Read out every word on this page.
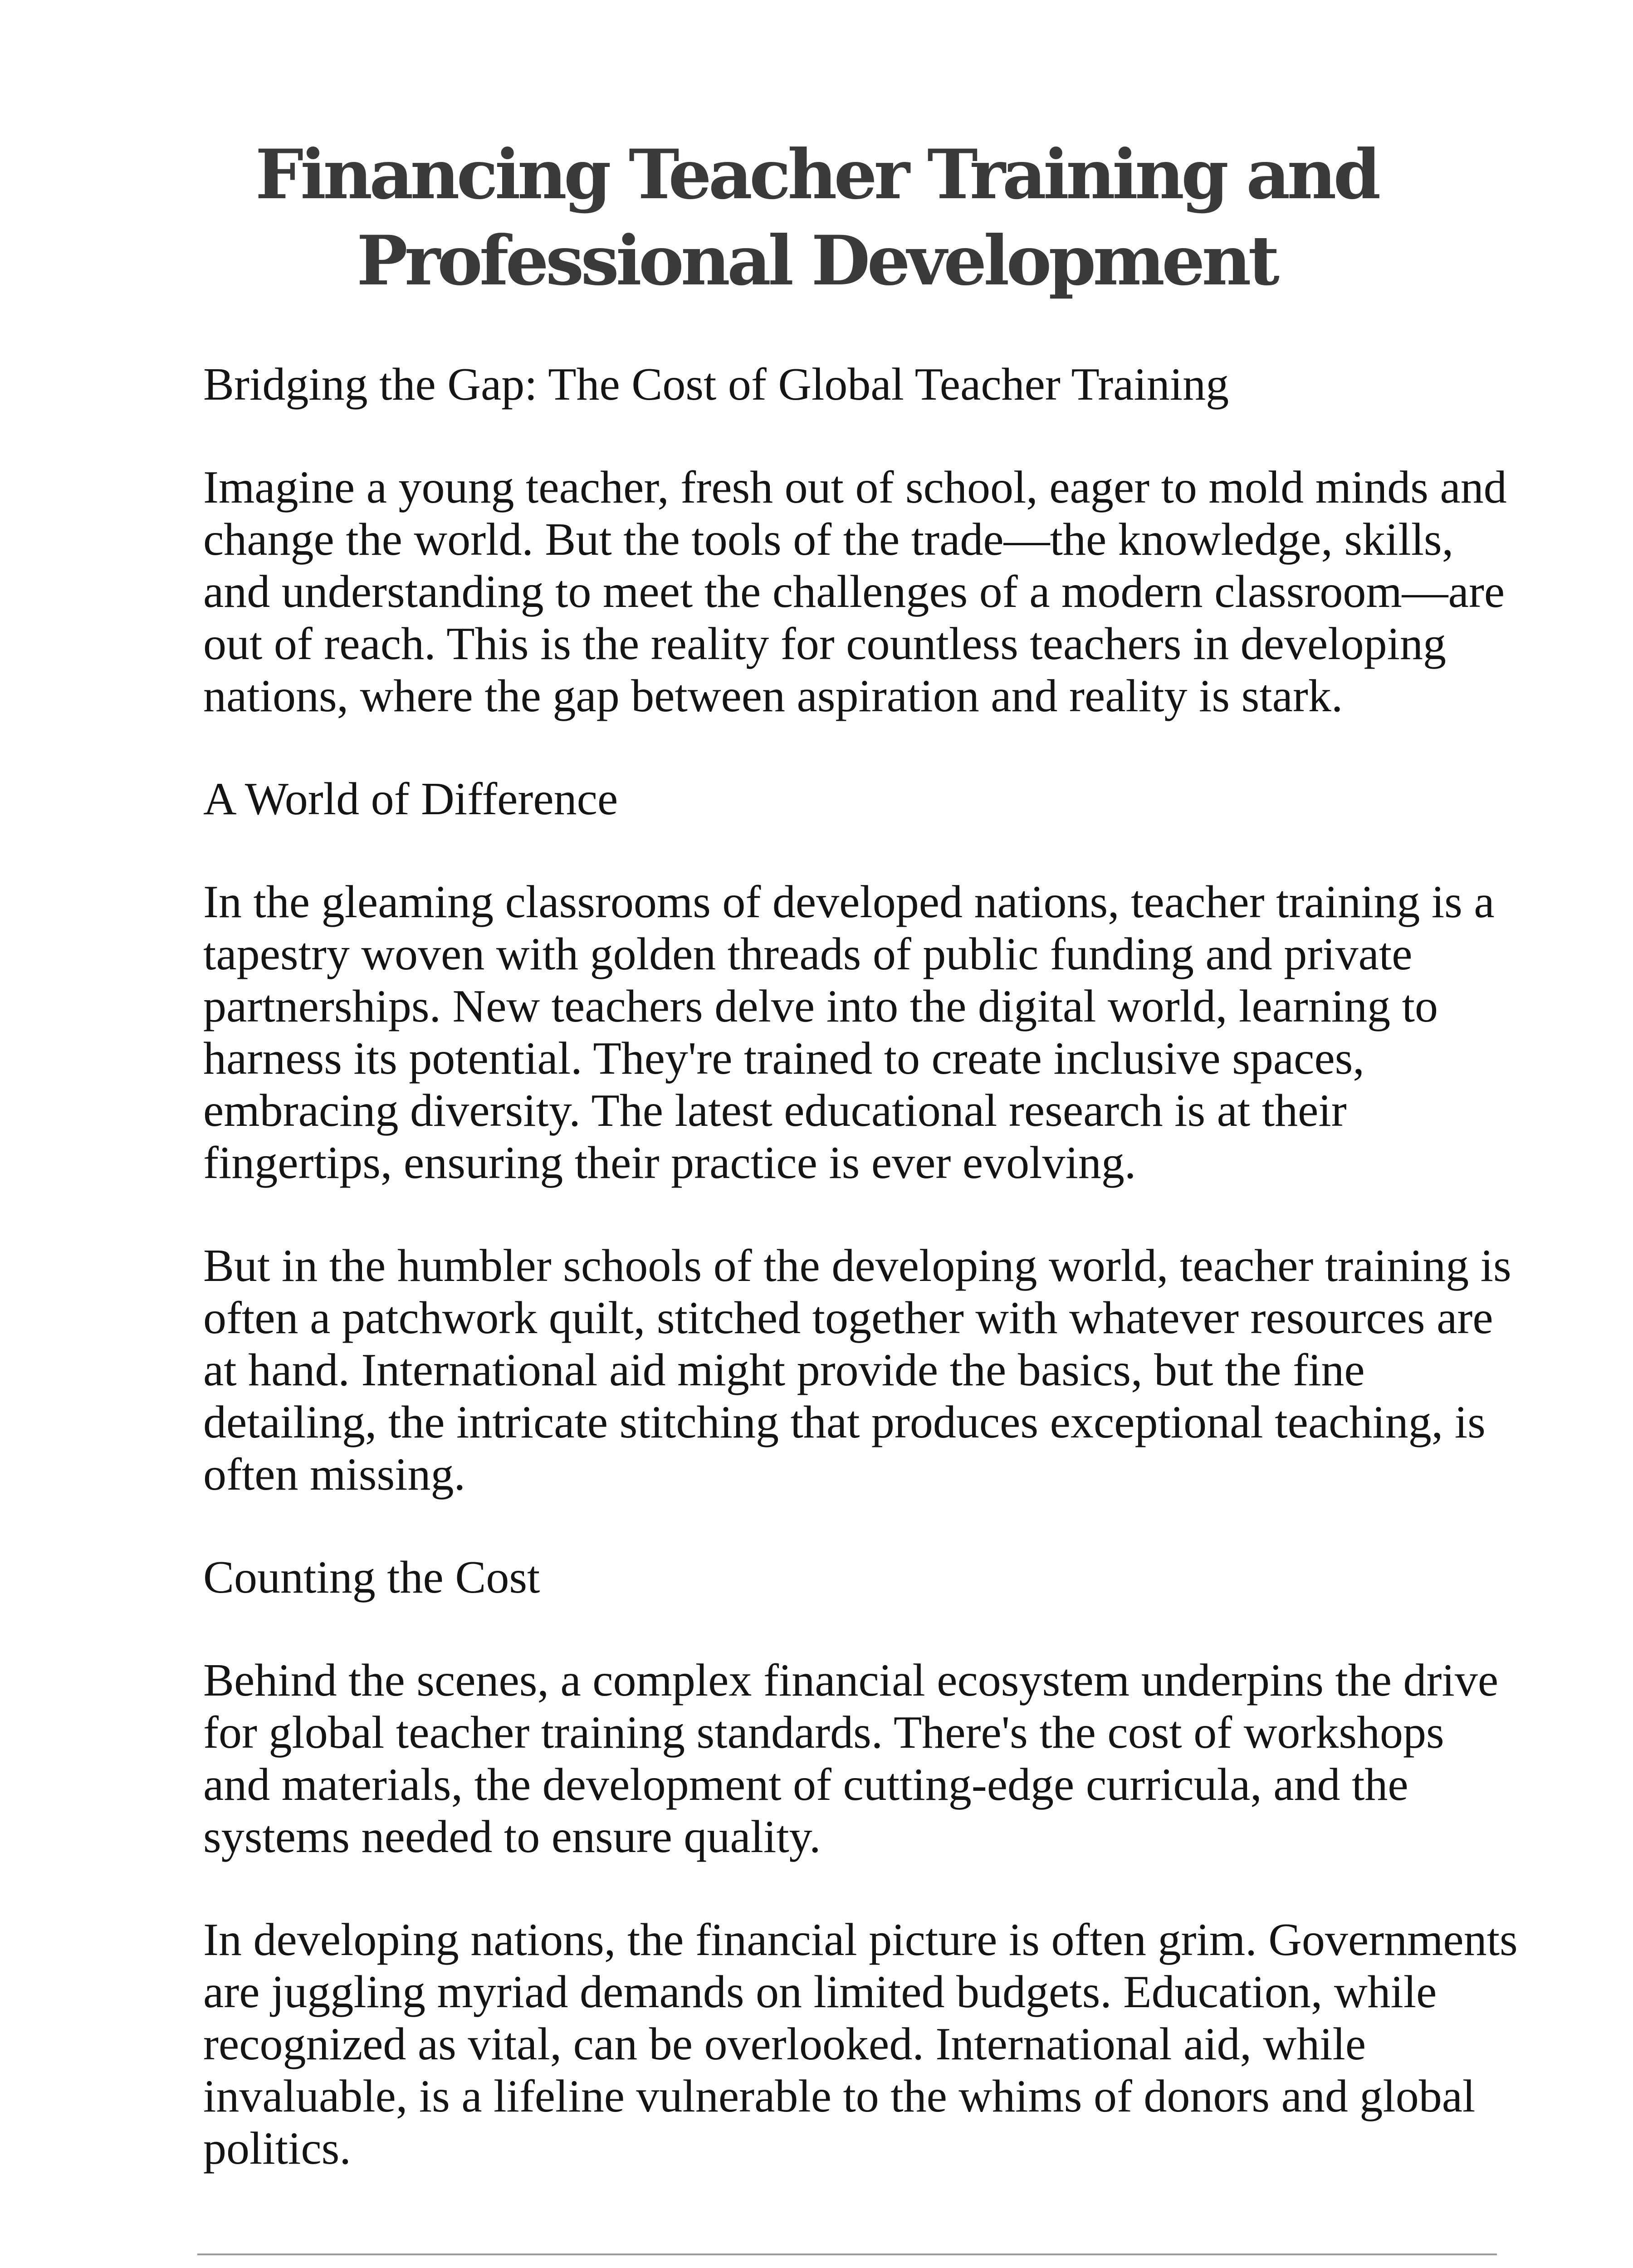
Financing Teacher Training and
Professional Development

Bridging the Gap: The Cost of Global Teacher Training

Imagine a young teacher, fresh out of school, eager to mold minds and
change the world. But the tools of the trade—the knowledge, skills,
and understanding to meet the challenges of a modern classroom—are
out of reach. This is the reality for countless teachers in developing
nations, where the gap between aspiration and reality is stark.

A World of Difference

In the gleaming classrooms of developed nations, teacher training is a
tapestry woven with golden threads of public funding and private
partnerships. New teachers delve into the digital world, learning to
harness its potential. They're trained to create inclusive spaces,
embracing diversity. The latest educational research is at their
fingertips, ensuring their practice is ever evolving.

But in the humbler schools of the developing world, teacher training is
often a patchwork quilt, stitched together with whatever resources are
at hand. International aid might provide the basics, but the fine
detailing, the intricate stitching that produces exceptional teaching, is
often missing.

Counting the Cost

Behind the scenes, a complex financial ecosystem underpins the drive
for global teacher training standards. There's the cost of workshops
and materials, the development of cutting-edge curricula, and the
systems needed to ensure quality.

In developing nations, the financial picture is often grim. Governments
are juggling myriad demands on limited budgets. Education, while
recognized as vital, can be overlooked. International aid, while
invaluable, is a lifeline vulnerable to the whims of donors and global
politics.
